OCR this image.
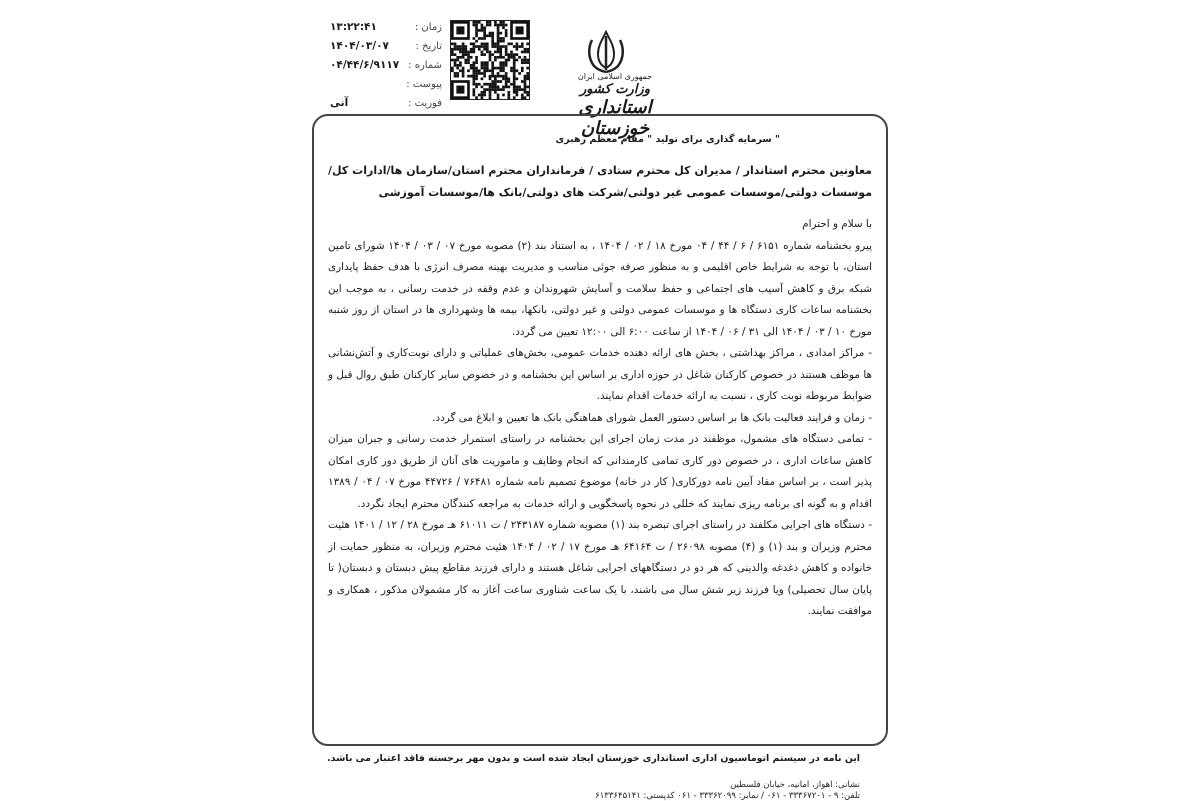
زمان :
۱۳:۲۲:۴۱
تاریخ :
۱۴۰۴/۰۳/۰۷
شماره :
۰۴/۴۴/۶/۹۱۱۷
پیوست :
فوریت :
آنی
جمهوری اسلامی ایران
وزارت کشور
استانداری خوزستان
" سرمایه گذاری برای تولید " مقام معظم رهبری
معاونین محترم استاندار / مدیران کل محترم ستادی / فرمانداران محترم استان/سازمان ها/ادارات کل/موسسات دولتی/موسسات عمومی غیر دولتی/شرکت های دولتی/بانک ها/موسسات آموزشی
با سلام و احترام

پیرو بخشنامه شماره ۶۱۵۱ / ۶ / ۴۴ / ۰۴ مورخ ۱۸ / ۰۲ / ۱۴۰۴ ، به استناد بند (۲) مصوبه مورخ ۰۷ / ۰۳ / ۱۴۰۴ شورای تامین استان، با توجه به شرایط خاص اقلیمی و به منظور صرفه جوئی مناسب و مدیریت بهینه مصرف انرژی با هدف حفظ پایداری شبکه برق و کاهش آسیب های اجتماعی و حفظ سلامت و آسایش شهروندان و عدم وقفه در خدمت رسانی ، به موجب این بخشنامه ساعات کاری دستگاه ها و موسسات عمومی دولتی و غیر دولتی، بانکها، بیمه ها وشهرداری ها در استان از روز شنبه مورخ ۱۰ / ۰۳ / ۱۴۰۴ الی ۳۱ / ۰۶ / ۱۴۰۴ از ساعت ۶:۰۰ الی ۱۲:۰۰ تعیین می گردد.

- مراکز امدادی ، مراکز بهداشتی ، بخش های ارائه دهنده خدمات عمومی، بخش‌های عملیاتی و دارای نوبت‌کاری و آتش‌نشانی ها موظف هستند در خصوص کارکنان شاغل در حوزه اداری بر اساس این بخشنامه و در خصوص سایر کارکنان طبق روال قبل و ضوابط مربوطه نوبت کاری ، نسبت به ارائه خدمات اقدام نمایند.

- زمان و فرایند فعالیت بانک ها بر اساس دستور العمل شورای هماهنگی بانک ها تعیین و ابلاغ می گردد.

- تمامی دستگاه های مشمول، موظفند در مدت زمان اجرای این بخشنامه در راستای استمرار خدمت رسانی و جبران میزان کاهش ساعات اداری ، در خصوص دور کاری تمامی کارمندانی که انجام وظایف و ماموریت های آنان از طریق دور کاری امکان پذیر است ، بر اساس مفاد آیین نامه دورکاری( کار در خانه) موضوع تصمیم نامه شماره ۷۶۴۸۱ / ۴۴۷۲۶ مورخ ۰۷ / ۰۴ / ۱۳۸۹ اقدام و به گونه ای برنامه ریزی نمایند که خللی در نحوه پاسخگویی و ارائه خدمات به مراجعه کنندگان محترم ایجاد نگردد.

- دستگاه های اجرایی مکلفند در راستای اجرای تبصره بند (۱) مصوبه شماره ۲۴۳۱۸۷ / ت ۶۱۰۱۱ هـ مورخ ۲۸ / ۱۲ / ۱۴۰۱ هئیت محترم وزیران و بند (۱) و (۴) مصوبه ۲۶۰۹۸ / ت ۶۴۱۶۴ هـ مورخ ۱۷ / ۰۲ / ۱۴۰۴ هئیت محترم وزیران، به منظور حمایت از خانواده و کاهش دغدغه والدینی که هر دو در دستگاههای اجرایی شاغل هستند و دارای فرزند مقاطع پیش دبستان و دبستان( تا پایان سال تحصیلی) ویا فرزند زیر شش سال می باشند، با یک ساعت شناوری ساعت آغاز به کار مشمولان مذکور ، همکاری و موافقت نمایند.

این نامه در سیستم اتوماسیون اداری استانداری خوزستان ایجاد شده است و بدون مهر برجسته فاقد اعتبار می باشد.
نشانی: اهواز، امانیه، خیابان فلسطین
تلفن: ۹ - ۳۳۳۶۷۲۰۱ - ۰۶۱ / نمابر: ۳۳۳۶۲۰۹۹ - ۰۶۱ کدپستی: ۶۱۳۳۶۴۵۱۴۱
